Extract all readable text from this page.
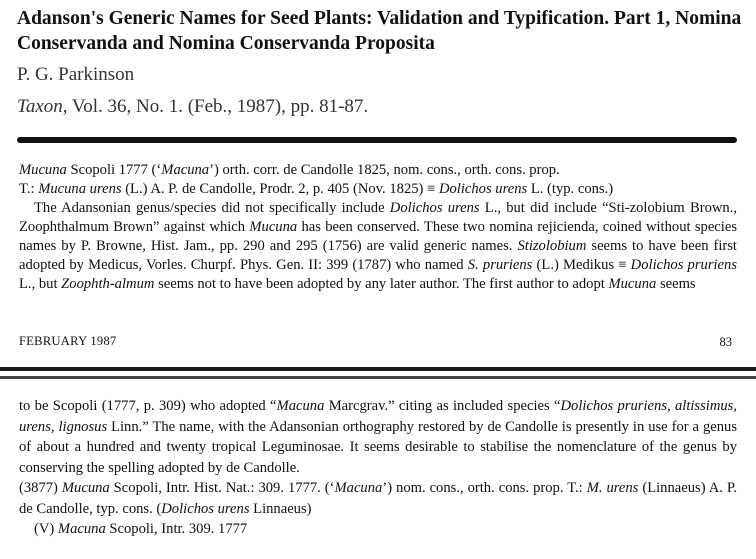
Adanson's Generic Names for Seed Plants: Validation and Typification. Part 1, Nomina Conservanda and Nomina Conservanda Proposita
P. G. Parkinson
Taxon, Vol. 36, No. 1. (Feb., 1987), pp. 81-87.

Mucuna Scopoli 1777 (‘Macuna’) orth. corr. de Candolle 1825, nom. cons., orth. cons. prop.

T.: Mucuna urens (L.) A. P. de Candolle, Prodr. 2, p. 405 (Nov. 1825) ≡ Dolichos urens L. (typ. cons.)

The Adansonian genus/species did not specifically include Dolichos urens L., but did include “Sti-zolobium Brown., Zoophthalmum Brown” against which Mucuna has been conserved. These two nomina rejicienda, coined without species names by P. Browne, Hist. Jam., pp. 290 and 295 (1756) are valid generic names. Stizolobium seems to have been first adopted by Medicus, Vorles. Churpf. Phys. Gen. II: 399 (1787) who named S. pruriens (L.) Medikus ≡ Dolichos pruriens L., but Zoophth-almum seems not to have been adopted by any later author. The first author to adopt Mucuna seems

FEBRUARY 1987	83

to be Scopoli (1777, p. 309) who adopted “Macuna Marcgrav.” citing as included species “Dolichos pruriens, altissimus, urens, lignosus Linn.” The name, with the Adansonian orthography restored by de Candolle is presently in use for a genus of about a hundred and twenty tropical Leguminosae. It seems desirable to stabilise the nomenclature of the genus by conserving the spelling adopted by de Candolle.

(3877) Mucuna Scopoli, Intr. Hist. Nat.: 309. 1777. (‘Macuna’) nom. cons., orth. cons. prop. T.: M. urens (Linnaeus) A. P. de Candolle, typ. cons. (Dolichos urens Linnaeus)

(V) Macuna Scopoli, Intr. 309. 1777
